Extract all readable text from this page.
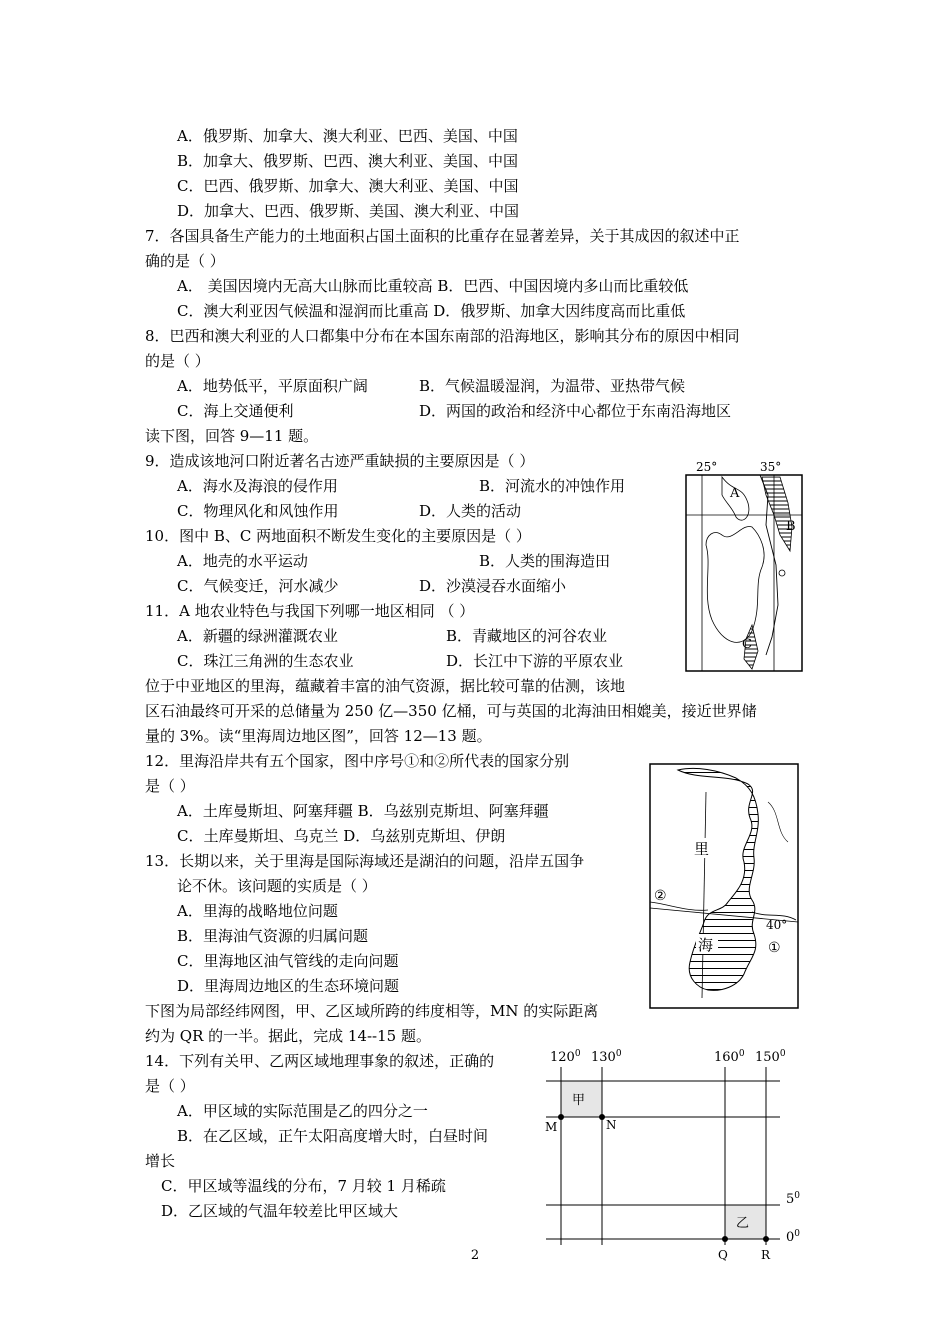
A．俄罗斯、加拿大、澳大利亚、巴西、美国、中国
B．加拿大、俄罗斯、巴西、澳大利亚、美国、中国
C．巴西、俄罗斯、加拿大、澳大利亚、美国、中国
D．加拿大、巴西、俄罗斯、美国、澳大利亚、中国
7．各国具备生产能力的土地面积占国土面积的比重存在显著差异，关于其成因的叙述中正
确的是（ ）
A． 美国因境内无高大山脉而比重较高 B．巴西、中国因境内多山而比重较低
C．澳大利亚因气候温和湿润而比重高 D．俄罗斯、加拿大因纬度高而比重低
8．巴西和澳大利亚的人口都集中分布在本国东南部的沿海地区，影响其分布的原因中相同
的是（ ）
A．地势低平，平原面积广阔	B．气候温暖湿润，为温带、亚热带气候
C．海上交通便利	D．两国的政治和经济中心都位于东南沿海地区
读下图，回答 9—11 题。
9．造成该地河口附近著名古迹严重缺损的主要原因是（ ）
A．海水及海浪的侵作用	B．河流水的冲蚀作用
C．物理风化和风蚀作用	D．人类的活动
10．图中 B、C 两地面积不断发生变化的主要原因是（ ）
A．地壳的水平运动	B．人类的围海造田
C．气候变迁，河水减少	D．沙漠浸吞水面缩小
11．A 地农业特色与我国下列哪一地区相同 （ ）
A．新疆的绿洲灌溉农业	B．青藏地区的河谷农业
C．珠江三角洲的生态农业	D．长江中下游的平原农业
25°	35°
A
B
C
位于中亚地区的里海，蕴藏着丰富的油气资源，据比较可靠的估测，该地
区石油最终可开采的总储量为 250 亿—350 亿桶，可与英国的北海油田相媲美，接近世界储
量的 3%。读“里海周边地区图”，回答 12—13 题。
12．里海沿岸共有五个国家，图中序号①和②所代表的国家分别
是（ ）
A．土库曼斯坦、阿塞拜疆 B．乌兹别克斯坦、阿塞拜疆
C．土库曼斯坦、乌克兰 D．乌兹别克斯坦、伊朗
13．长期以来，关于里海是国际海域还是湖泊的问题，沿岸五国争
论不休。该问题的实质是（ ）
A．里海的战略地位问题
B．里海油气资源的归属问题
C．里海地区油气管线的走向问题
D．里海周边地区的生态环境问题
里
海
40°
①
②
下图为局部经纬网图，甲、乙区域所跨的纬度相等，MN 的实际距离
约为 QR 的一半。据此，完成 14--15 题。
14．下列有关甲、乙两区域地理事象的叙述，正确的
是（ ）
A．甲区域的实际范围是乙的四分之一
B．在乙区域，正午太阳高度增大时，白昼时间
增长
C．甲区域等温线的分布，7 月较 1 月稀疏
D．乙区域的气温年较差比甲区域大
$120^0$ $130^0$	$160^0$ $150^0$
$5^0$
$0^0$
甲
乙
M	N
Q	R
2
